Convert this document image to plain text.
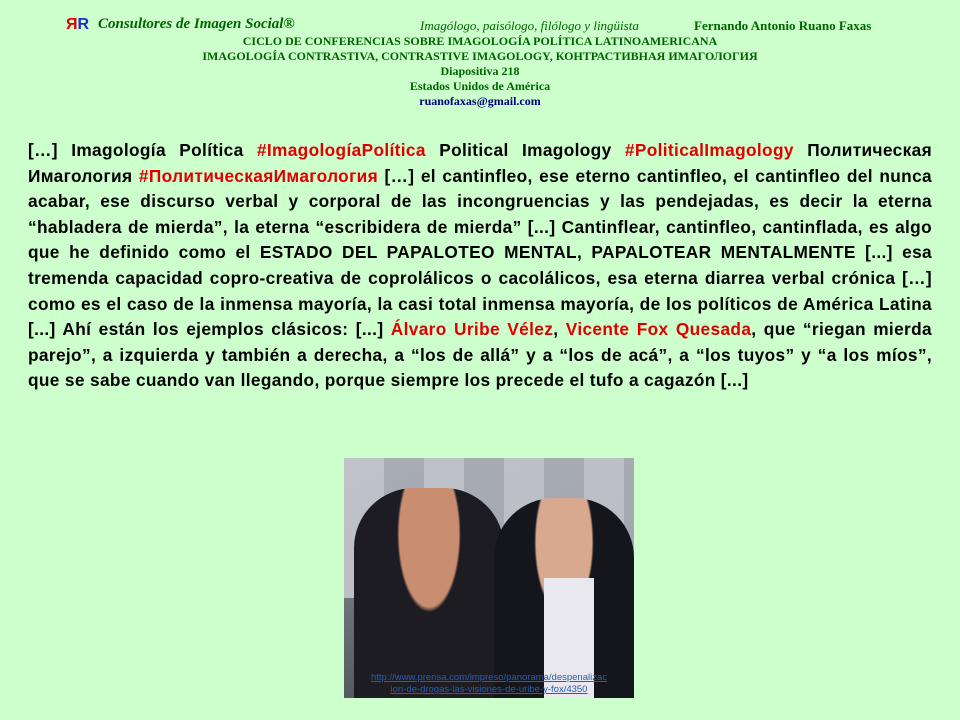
ЯR Consultores de Imagen Social®	Imagólogo, paisólogo, filólogo y lingüista	Fernando Antonio Ruano Faxas
CICLO DE CONFERENCIAS SOBRE IMAGOLOGÍA POLÍTICA LATINOAMERICANA
IMAGOLOGÍA CONTRASTIVA, CONTRASTIVE IMAGOLOGY, КОНТРАСТИВНАЯ ИМАГОЛОГИЯ
Diapositiva 218
Estados Unidos de América
ruanofaxas@gmail.com
[…] Imagología Política #ImagologíaPolítica Political Imagology #PoliticalImagology Политическая Имагология #ПолитическаяИмагология […] el cantinfleo, ese eterno cantinfleo, el cantinfleo del nunca acabar, ese discurso verbal y corporal de las incongruencias y las pendejadas, es decir la eterna “habladera de mierda”, la eterna “escribidera de mierda” [...] Cantinflear, cantinfleo, cantinflada, es algo que he definido como el ESTADO DEL PAPALOTEO MENTAL, PAPALOTEAR MENTALMENTE [...] esa tremenda capacidad copro-creativa de coprolálicos o cacolálicos, esa eterna diarrea verbal crónica […] como es el caso de la inmensa mayoría, la casi total inmensa mayoría, de los políticos de América Latina [...] Ahí están los ejemplos clásicos: [...] Álvaro Uribe Vélez, Vicente Fox Quesada, que “riegan mierda parejo”, a izquierda y también a derecha, a “los de allá” y a “los de acá”, a “los tuyos” y “a los míos”, que se sabe cuando van llegando, porque siempre los precede el tufo a cagazón [...]
http://www.prensa.com/impreso/panorama/despenalizac
ion-de-drogas-las-visiones-de-uribe-y-fox/4350
